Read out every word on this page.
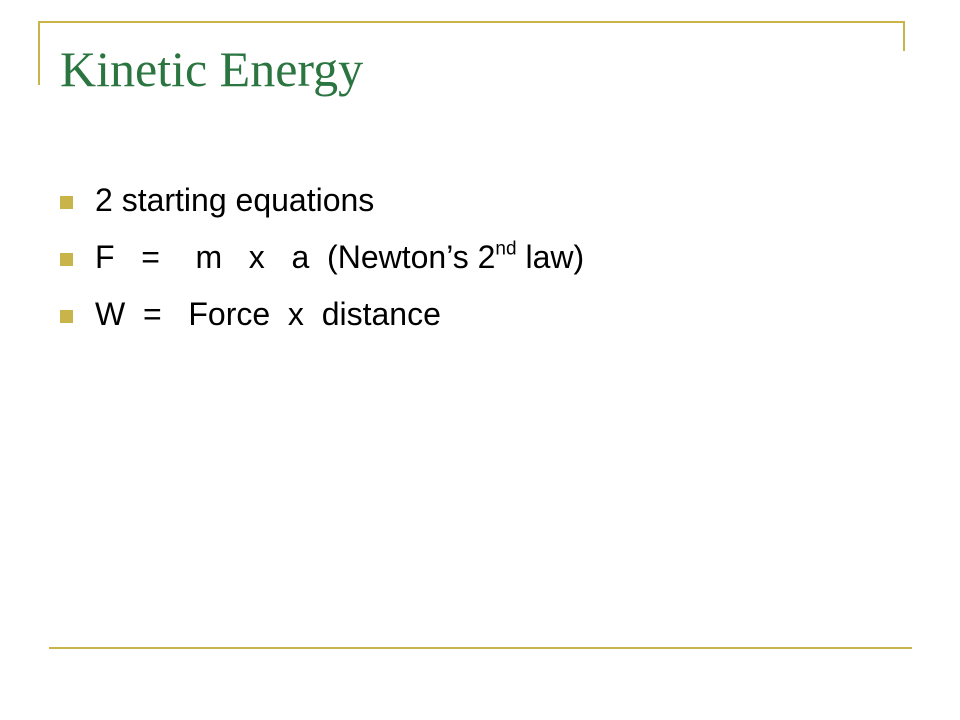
Kinetic Energy
2 starting equations
F   =    m   x   a  (Newton’s 2nd law)
W  =   Force  x  distance
